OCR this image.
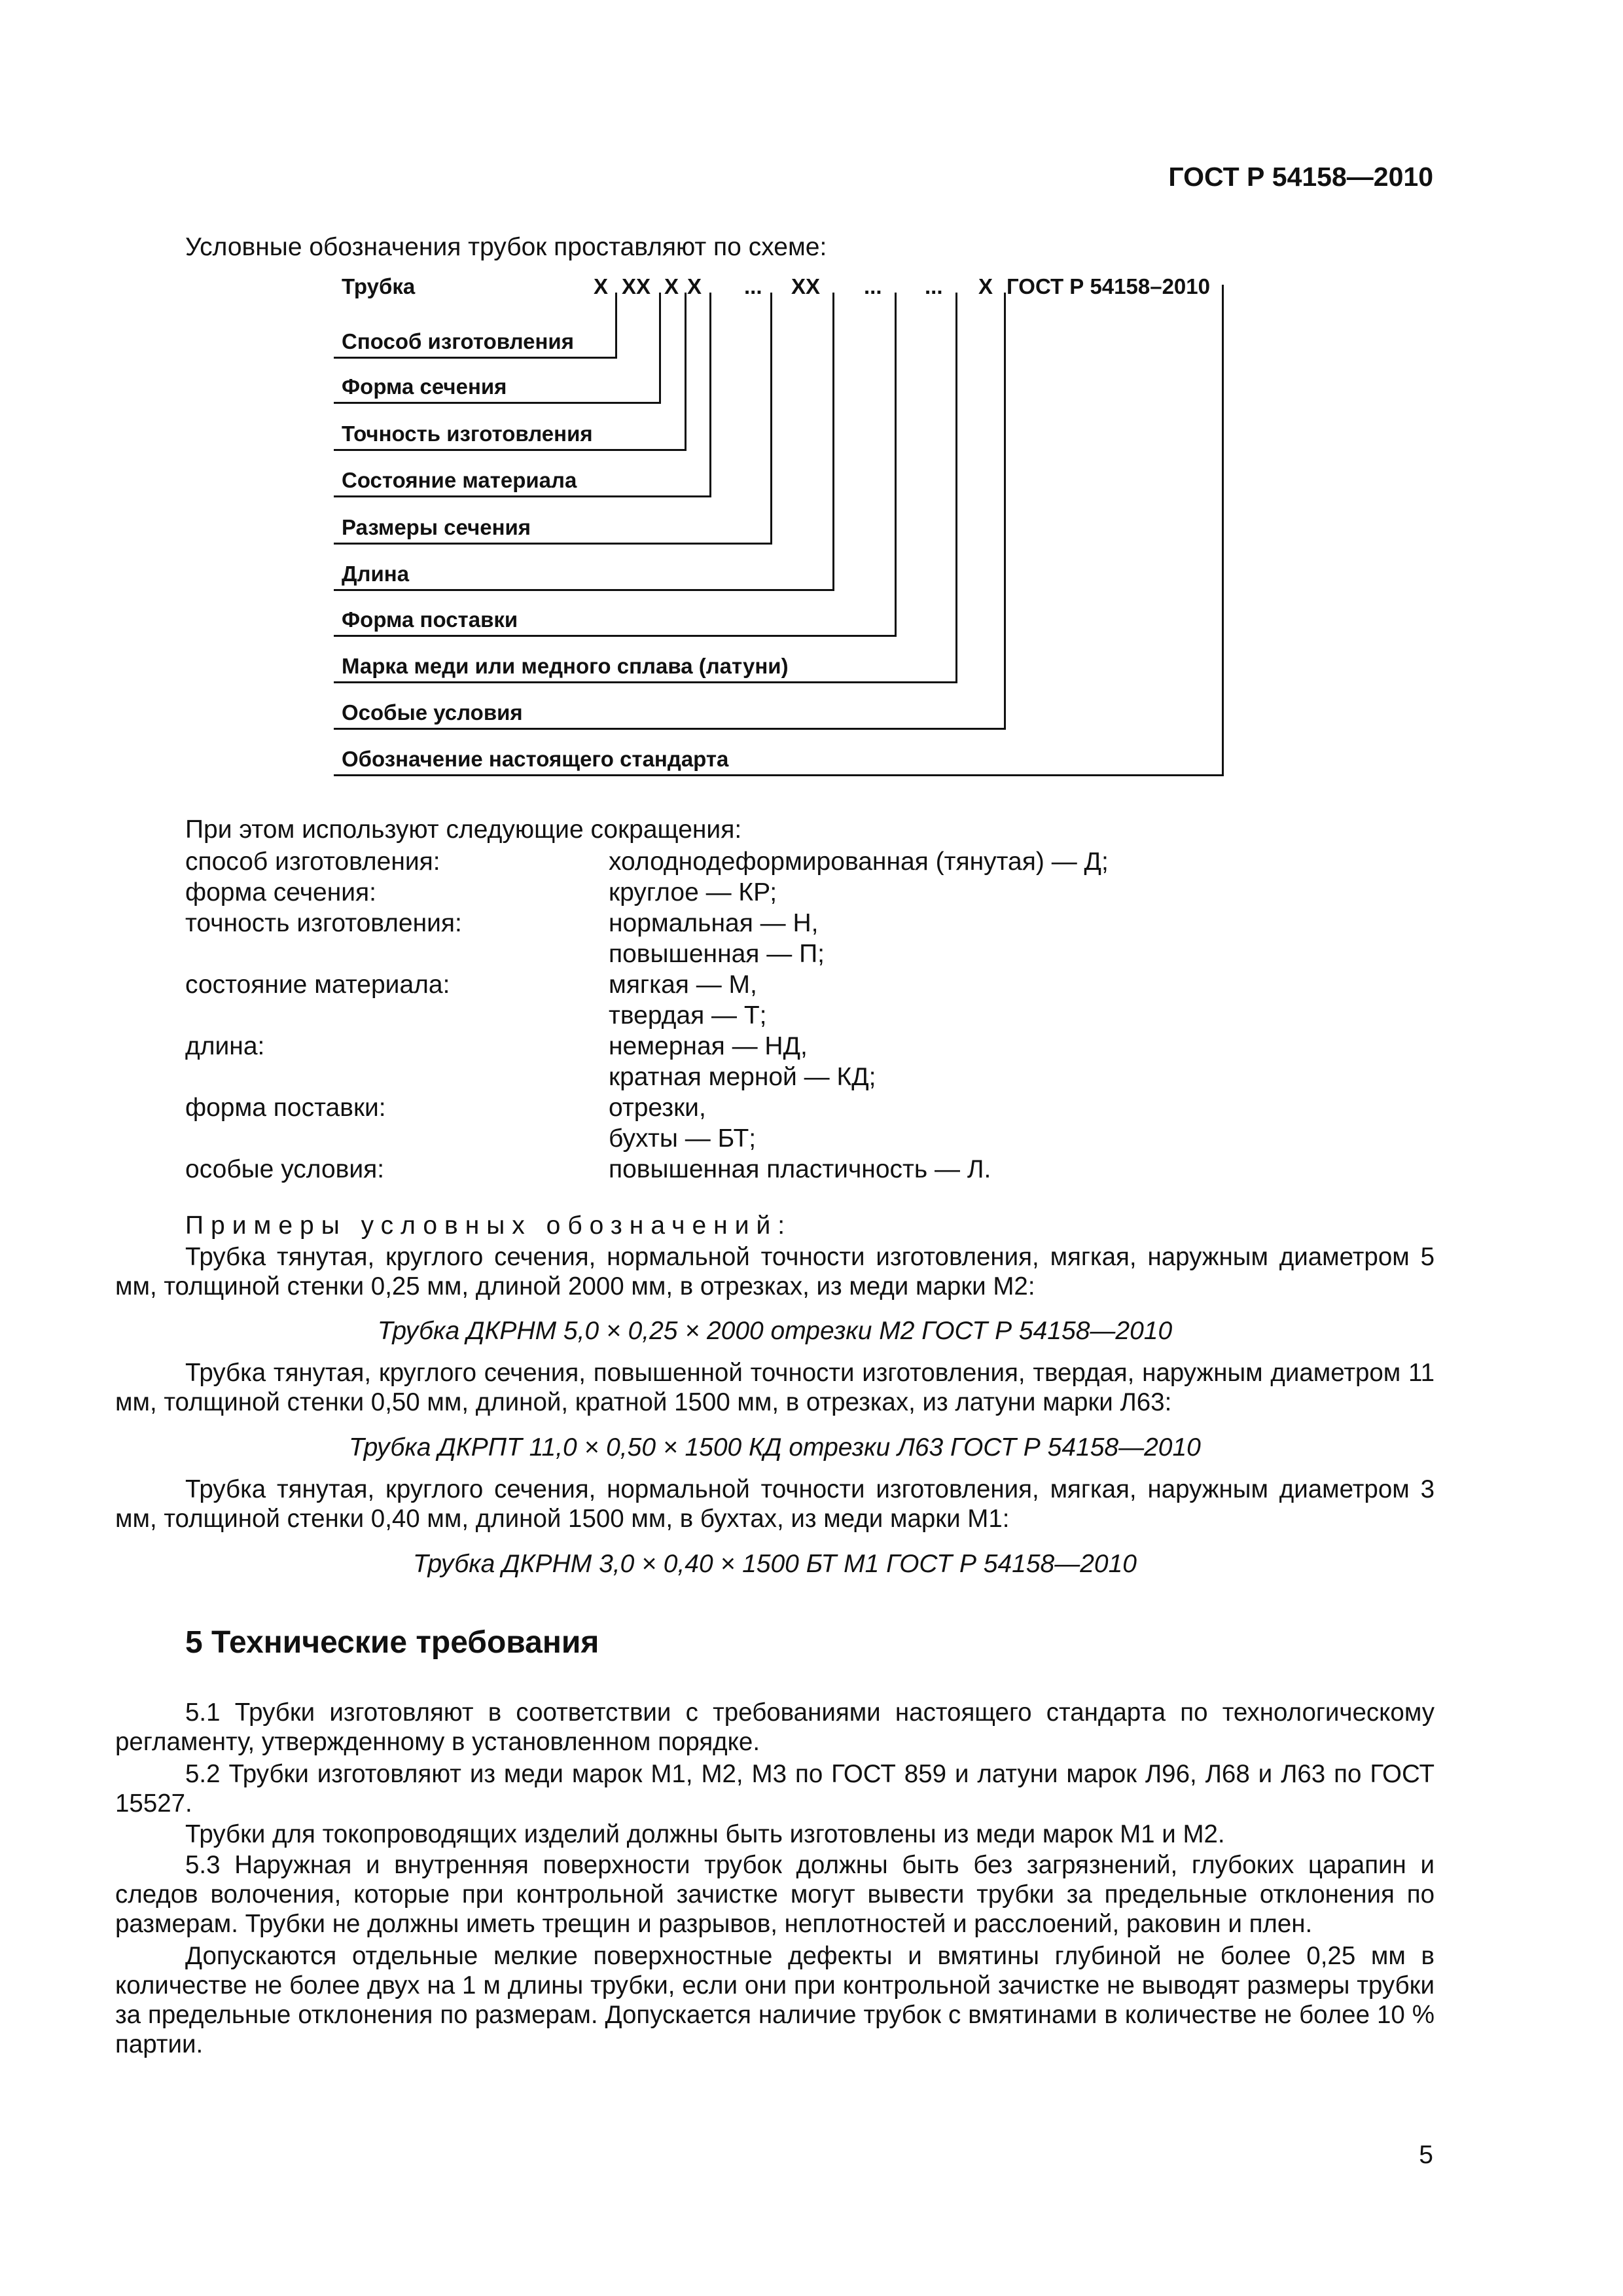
ГОСТ Р 54158—2010
Условные обозначения трубок проставляют по схеме:
Трубка	Х ХХ Х Х ... ХХ ... ... Х ГОСТ Р 54158–2010
Способ изготовления
Форма сечения
Точность изготовления
Состояние материала
Размеры сечения
Длина
Форма поставки
Марка меди или медного сплава (латуни)
Особые условия
Обозначение настоящего стандарта
При этом используют следующие сокращения:
способ изготовления:	холоднодеформированная (тянутая) — Д;
форма сечения:	круглое — КР;
точность изготовления:	нормальная — Н,
повышенная — П;
состояние материала:	мягкая — М,
твердая — Т;
длина:	немерная — НД,
кратная мерной — КД;
форма поставки:	отрезки,
бухты — БТ;
особые условия:	повышенная пластичность — Л.
Примеры условных обозначений:
Трубка тянутая, круглого сечения, нормальной точности изготовления, мягкая, наружным диаметром 5 мм, толщиной стенки 0,25 мм, длиной 2000 мм, в отрезках, из меди марки М2:
Трубка ДКРНМ 5,0 × 0,25 × 2000 отрезки М2 ГОСТ Р 54158—2010
Трубка тянутая, круглого сечения, повышенной точности изготовления, твердая, наружным диаметром 11 мм, толщиной стенки 0,50 мм, длиной, кратной 1500 мм, в отрезках, из латуни марки Л63:
Трубка ДКРПТ 11,0 × 0,50 × 1500 КД отрезки Л63 ГОСТ Р 54158—2010
Трубка тянутая, круглого сечения, нормальной точности изготовления, мягкая, наружным диаметром 3 мм, толщиной стенки 0,40 мм, длиной 1500 мм, в бухтах, из меди марки М1:
Трубка ДКРНМ 3,0 × 0,40 × 1500 БТ М1 ГОСТ Р 54158—2010
5 Технические требования
5.1 Трубки изготовляют в соответствии с требованиями настоящего стандарта по технологическому регламенту, утвержденному в установленном порядке.
5.2 Трубки изготовляют из меди марок М1, М2, М3 по ГОСТ 859 и латуни марок Л96, Л68 и Л63 по ГОСТ 15527.
Трубки для токопроводящих изделий должны быть изготовлены из меди марок М1 и М2.
5.3 Наружная и внутренняя поверхности трубок должны быть без загрязнений, глубоких царапин и следов волочения, которые при контрольной зачистке могут вывести трубки за предельные отклонения по размерам. Трубки не должны иметь трещин и разрывов, неплотностей и расслоений, раковин и плен.
Допускаются отдельные мелкие поверхностные дефекты и вмятины глубиной не более 0,25 мм в количестве не более двух на 1 м длины трубки, если они при контрольной зачистке не выводят размеры трубки за предельные отклонения по размерам. Допускается наличие трубок с вмятинами в количестве не более 10 % партии.
5
